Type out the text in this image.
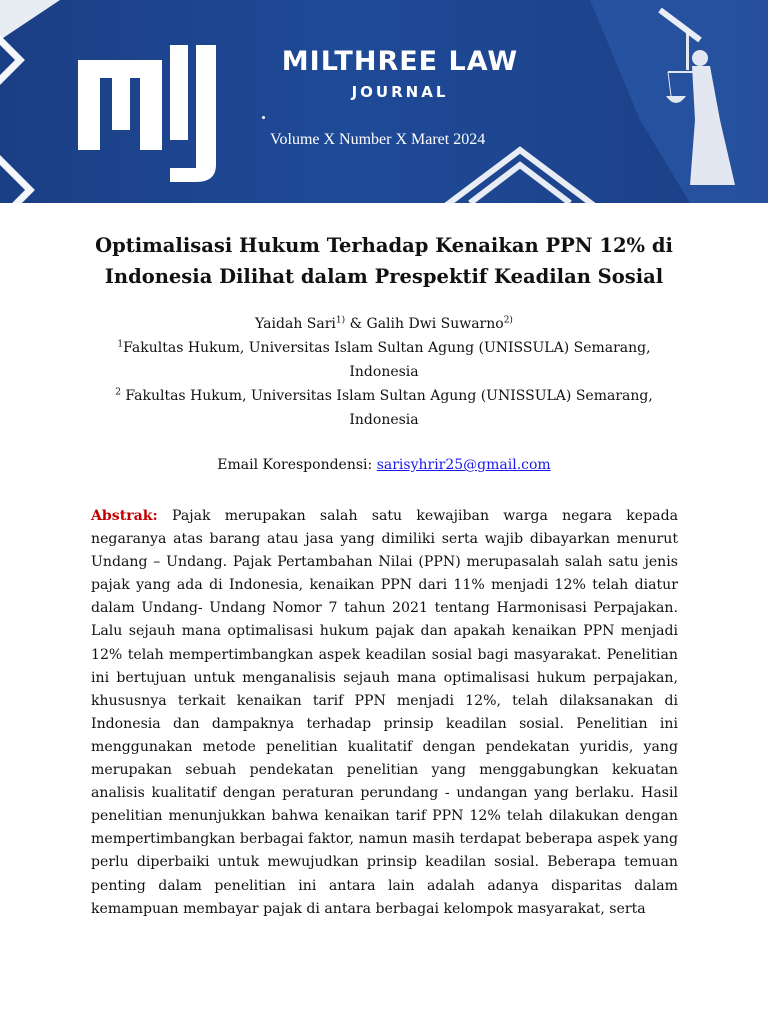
MILTHREE LAW
JOURNAL
Volume X Number X Maret 2024
Optimalisasi Hukum Terhadap Kenaikan PPN 12% di Indonesia Dilihat dalam Prespektif Keadilan Sosial
Yaidah Sari$^{1)}$ & Galih Dwi Suwarno$^{2)}$
$^1$Fakultas Hukum, Universitas Islam Sultan Agung (UNISSULA) Semarang, Indonesia
$^2$ Fakultas Hukum, Universitas Islam Sultan Agung (UNISSULA) Semarang, Indonesia
Email Korespondensi: sarisyhrir25@gmail.com
Abstrak: Pajak merupakan salah satu kewajiban warga negara kepada negaranya atas barang atau jasa yang dimiliki serta wajib dibayarkan menurut Undang – Undang. Pajak Pertambahan Nilai (PPN) merupasalah salah satu jenis pajak yang ada di Indonesia, kenaikan PPN dari 11% menjadi 12% telah diatur dalam Undang- Undang Nomor 7 tahun 2021 tentang Harmonisasi Perpajakan. Lalu sejauh mana optimalisasi hukum pajak dan apakah kenaikan PPN menjadi 12% telah mempertimbangkan aspek keadilan sosial bagi masyarakat. Penelitian ini bertujuan untuk menganalisis sejauh mana optimalisasi hukum perpajakan, khususnya terkait kenaikan tarif PPN menjadi 12%, telah dilaksanakan di Indonesia dan dampaknya terhadap prinsip keadilan sosial. Penelitian ini menggunakan metode penelitian kualitatif dengan pendekatan yuridis, yang merupakan sebuah pendekatan penelitian yang menggabungkan kekuatan analisis kualitatif dengan peraturan perundang - undangan yang berlaku. Hasil penelitian menunjukkan bahwa kenaikan tarif PPN 12% telah dilakukan dengan mempertimbangkan berbagai faktor, namun masih terdapat beberapa aspek yang perlu diperbaiki untuk mewujudkan prinsip keadilan sosial. Beberapa temuan penting dalam penelitian ini antara lain adalah adanya disparitas dalam kemampuan membayar pajak di antara berbagai kelompok masyarakat, serta
